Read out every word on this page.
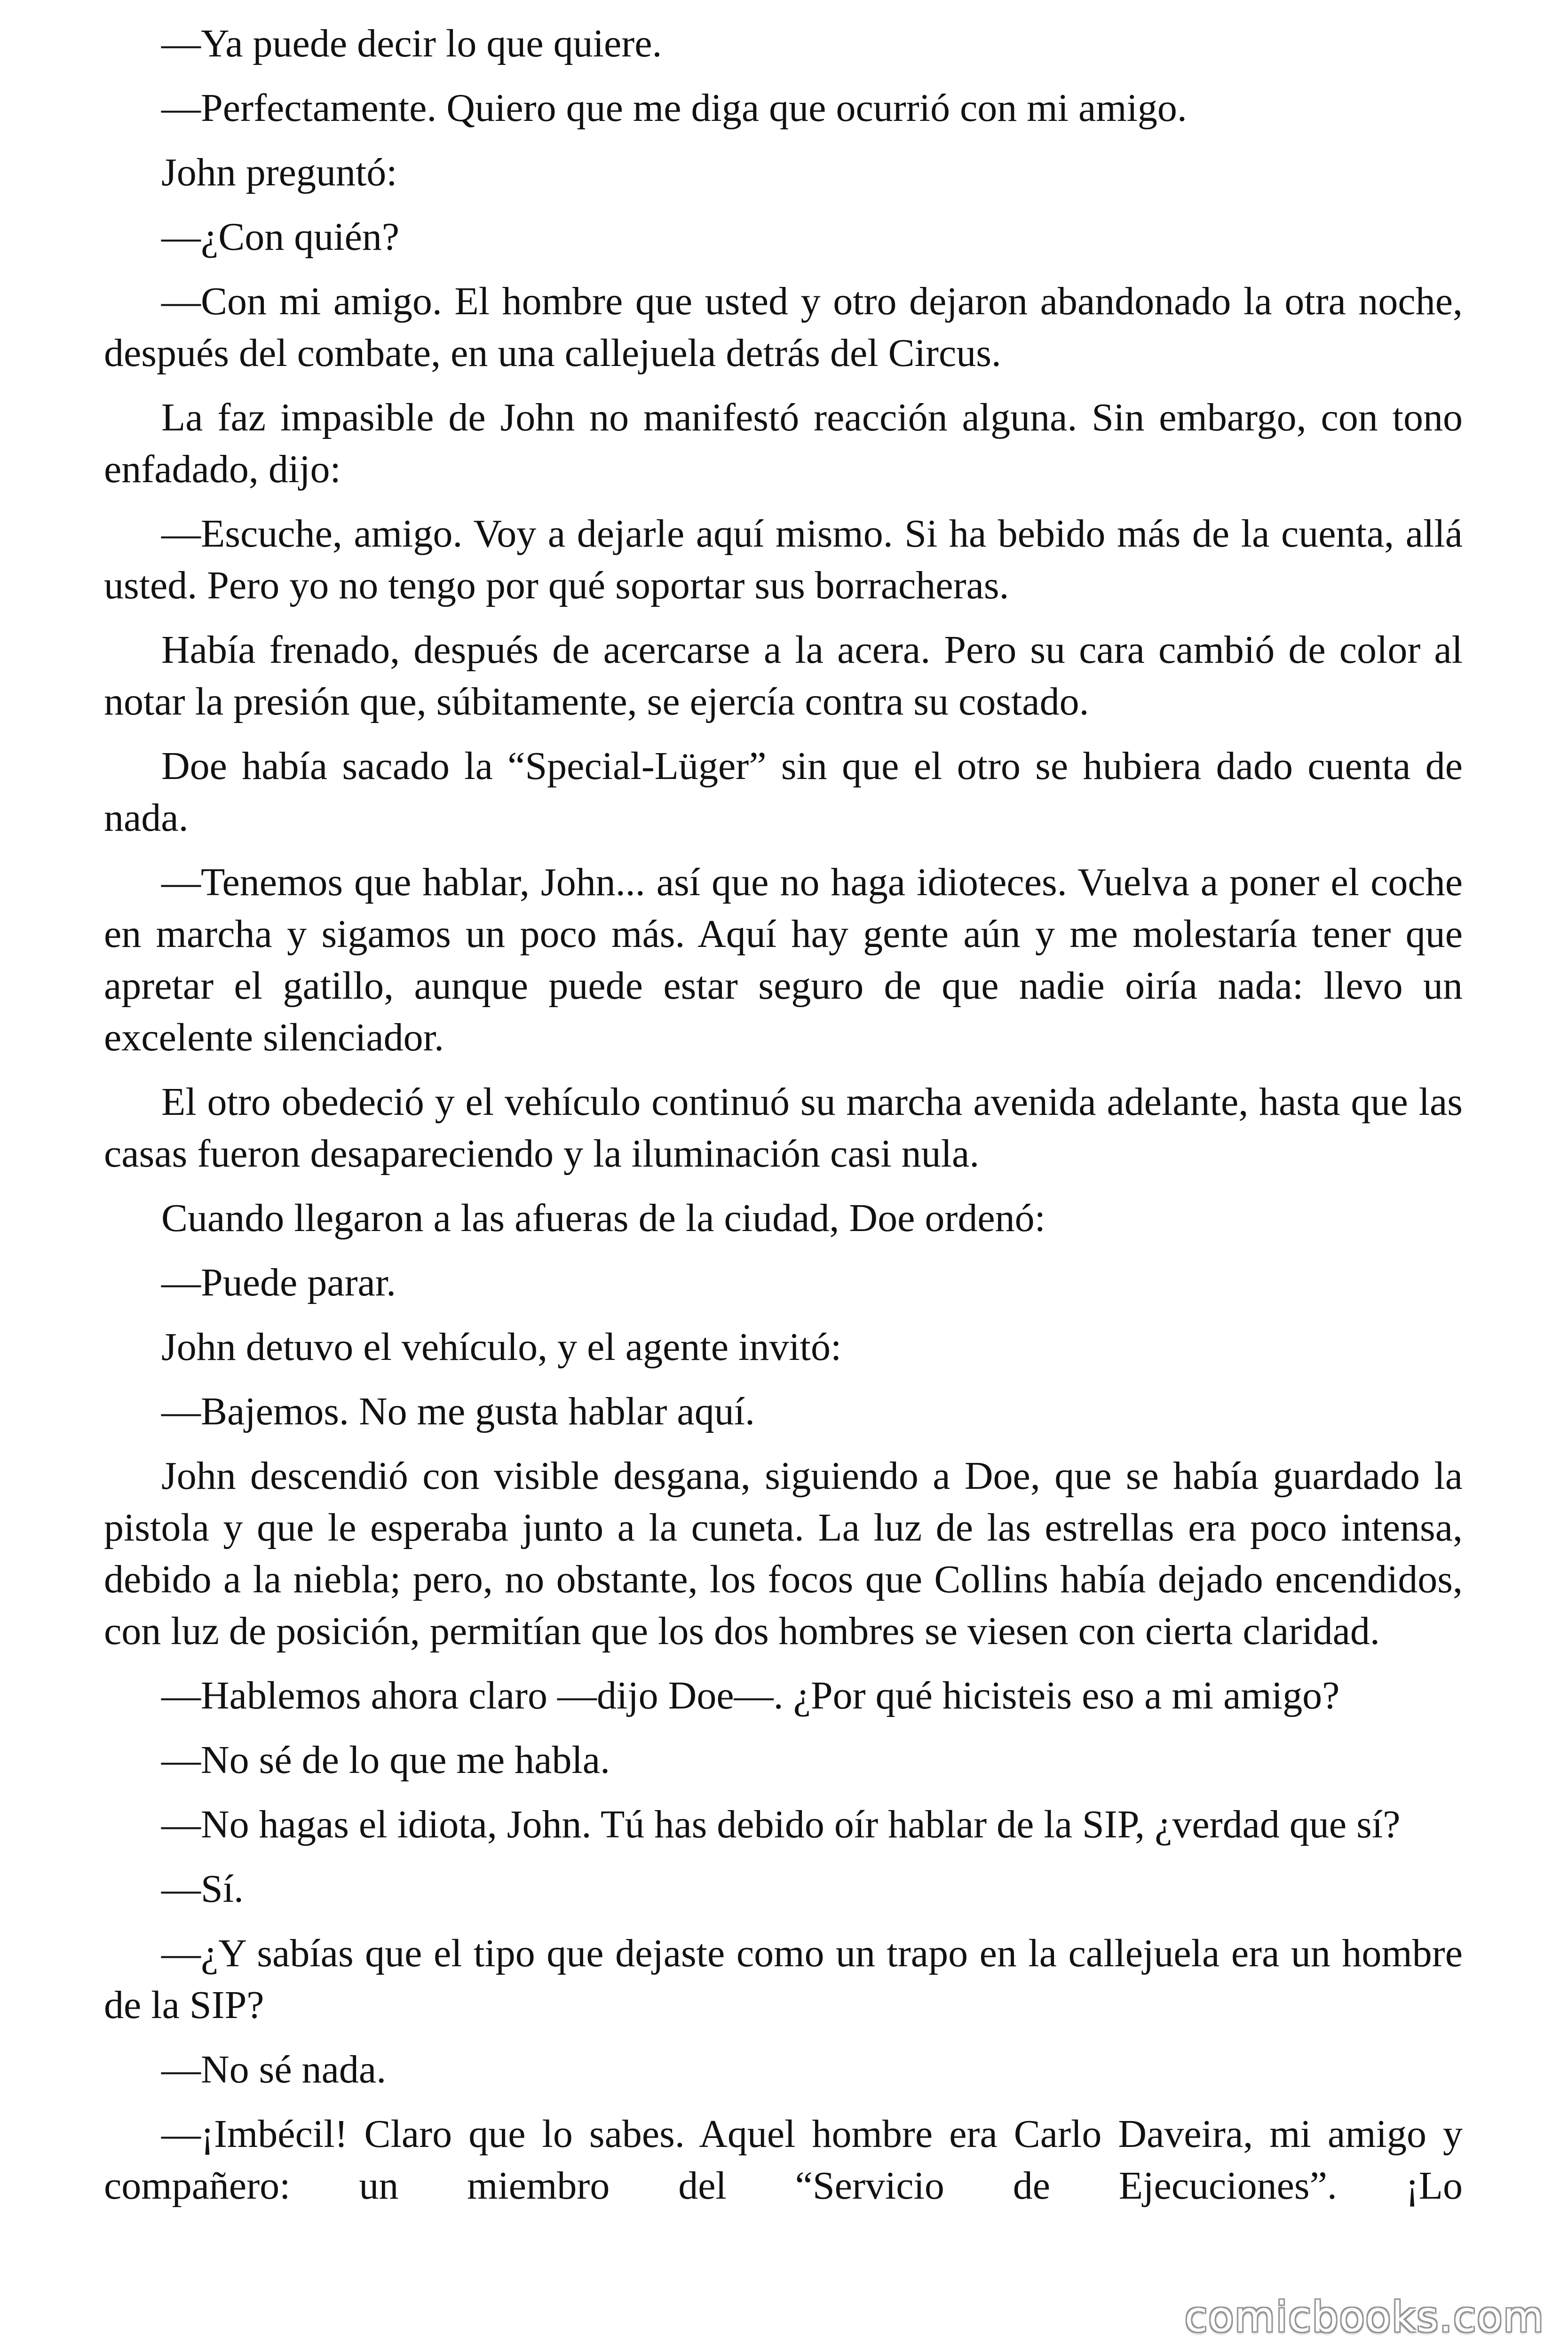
—Ya puede decir lo que quiere.

—Perfectamente. Quiero que me diga que ocurrió con mi amigo.

John preguntó:

—¿Con quién?

—Con mi amigo. El hombre que usted y otro dejaron abandonado la otra noche, después del combate, en una callejuela detrás del Circus.

La faz impasible de John no manifestó reacción alguna. Sin embargo, con tono enfadado, dijo:

—Escuche, amigo. Voy a dejarle aquí mismo. Si ha bebido más de la cuenta, allá usted. Pero yo no tengo por qué soportar sus borracheras.

Había frenado, después de acercarse a la acera. Pero su cara cambió de color al notar la presión que, súbitamente, se ejercía contra su costado.

Doe había sacado la “Special-Lüger” sin que el otro se hubiera dado cuenta de nada.

—Tenemos que hablar, John... así que no haga idioteces. Vuelva a poner el coche en marcha y sigamos un poco más. Aquí hay gente aún y me molestaría tener que apretar el gatillo, aunque puede estar seguro de que nadie oiría nada: llevo un excelente silenciador.

El otro obedeció y el vehículo continuó su marcha avenida adelante, hasta que las casas fueron desapareciendo y la iluminación casi nula.

Cuando llegaron a las afueras de la ciudad, Doe ordenó:

—Puede parar.

John detuvo el vehículo, y el agente invitó:

—Bajemos. No me gusta hablar aquí.

John descendió con visible desgana, siguiendo a Doe, que se había guardado la pistola y que le esperaba junto a la cuneta. La luz de las estrellas era poco intensa, debido a la niebla; pero, no obstante, los focos que Collins había dejado encendidos, con luz de posición, permitían que los dos hombres se viesen con cierta claridad.

—Hablemos ahora claro —dijo Doe—. ¿Por qué hicisteis eso a mi amigo?

—No sé de lo que me habla.

—No hagas el idiota, John. Tú has debido oír hablar de la SIP, ¿verdad que sí?

—Sí.

—¿Y sabías que el tipo que dejaste como un trapo en la callejuela era un hombre de la SIP?

—No sé nada.

—¡Imbécil! Claro que lo sabes. Aquel hombre era Carlo Daveira, mi amigo y compañero: un miembro del “Servicio de Ejecuciones”. ¡Lo

comicbooks.com
